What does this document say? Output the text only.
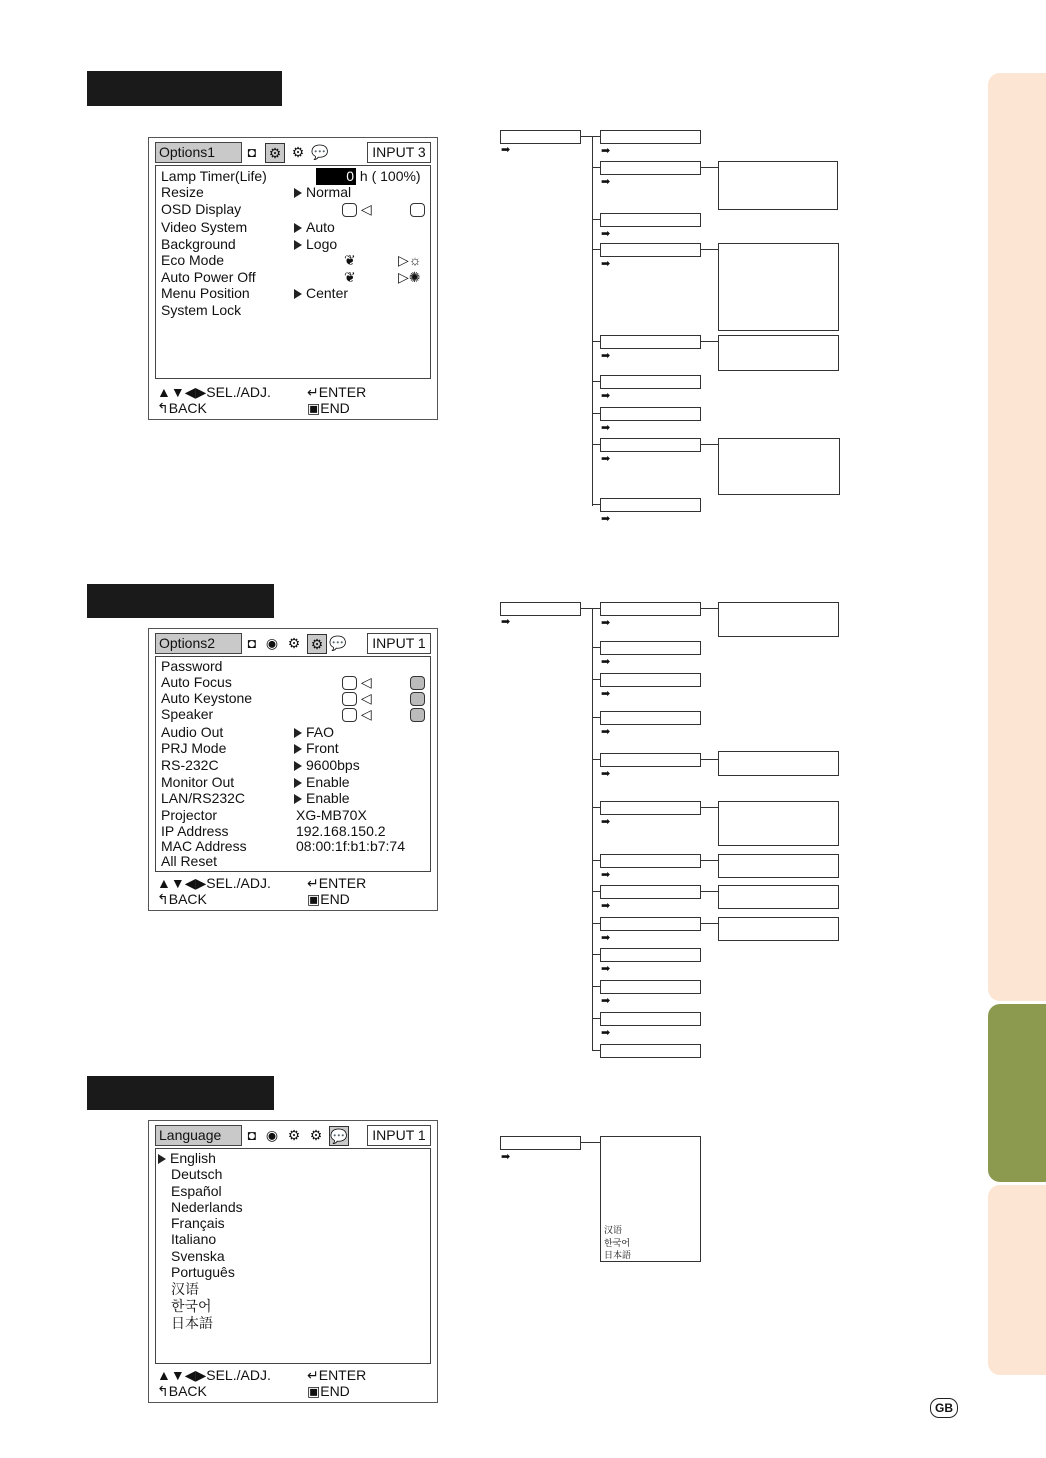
Options1	◘ ⚙ ⚙ 💬	INPUT 3
Lamp Timer(Life)	0 h ( 100%)
Resize	Normal
OSD Display	◁
Video System	Auto
Background	Logo
Eco Mode	❦	▷☼
Auto Power Off	❦	▷✺
Menu Position	Center
System Lock
▲▼◀▶ SEL./ADJ.	↵ ENTER
↰ BACK	▣ END
Options2	◘ ◉ ⚙ ⚙ 💬	INPUT 1
Password
Auto Focus	◁
Auto Keystone	◁
Speaker	◁
Audio Out	FAO
PRJ Mode	Front
RS-232C	9600bps
Monitor Out	Enable
LAN/RS232C	Enable
Projector	XG-MB70X
IP Address	192.168.150.2
MAC Address	08:00:1f:b1:b7:74
All Reset
▲▼◀▶ SEL./ADJ.	↵ ENTER
↰ BACK	▣ END
Language	◘ ◉ ⚙ ⚙ 💬	INPUT 1
English
Deutsch
Español
Nederlands
Français
Italiano
Svenska
Português
汉语
한국어
日本語
▲▼◀▶ SEL./ADJ.	↵ ENTER
↰ BACK	▣ END
➡	➡
➡
➡
➡
➡
➡
➡
➡
➡
➡	➡
➡
➡
➡
➡
➡
➡
➡
➡
➡
➡
➡
➡
汉语
한국어
日本語
GB
